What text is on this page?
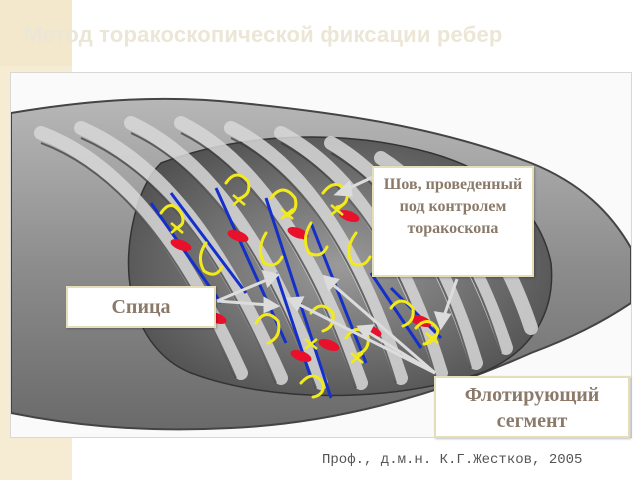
Метод торакоскопической фиксации ребер
Шов, проведенный под контролем торакоскопа
Спица
Флотирующий сегмент

Проф., д.м.н. К.Г.Жестков, 2005
